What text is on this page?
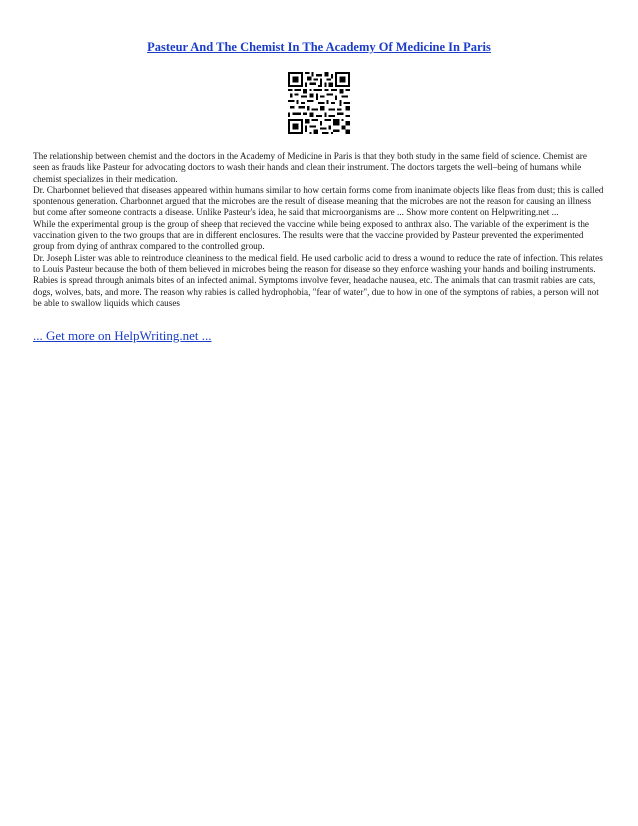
Pasteur And The Chemist In The Academy Of Medicine In Paris

The relationship between chemist and the doctors in the Academy of Medicine in Paris is that they both study in the same field of science. Chemist are seen as frauds like Pasteur for advocating doctors to wash their hands and clean their instrument. The doctors targets the well–being of humans while chemist specializes in their medication.

Dr. Charbonnet believed that diseases appeared within humans similar to how certain forms come from inanimate objects like fleas from dust; this is called spontenous generation. Charbonnet argued that the microbes are the result of disease meaning that the microbes are not the reason for causing an illness but come after someone contracts a disease. Unlike Pasteur's idea, he said that microorganisms are ... Show more content on Helpwriting.net ...

While the experimental group is the group of sheep that recieved the vaccine while being exposed to anthrax also. The variable of the experiment is the vaccination given to the two groups that are in different enclosures. The results were that the vaccine provided by Pasteur prevented the experimented group from dying of anthrax compared to the controlled group.

Dr. Joseph Lister was able to reintroduce cleaniness to the medical field. He used carbolic acid to dress a wound to reduce the rate of infection. This relates to Louis Pasteur because the both of them believed in microbes being the reason for disease so they enforce washing your hands and boiling instruments.

Rabies is spread through animals bites of an infected animal. Symptoms involve fever, headache nausea, etc. The animals that can trasmit rabies are cats, dogs, wolves, bats, and more. The reason why rabies is called hydrophobia, "fear of water", due to how in one of the symptons of rabies, a person will not be able to swallow liquids which causes

... Get more on HelpWriting.net ...
